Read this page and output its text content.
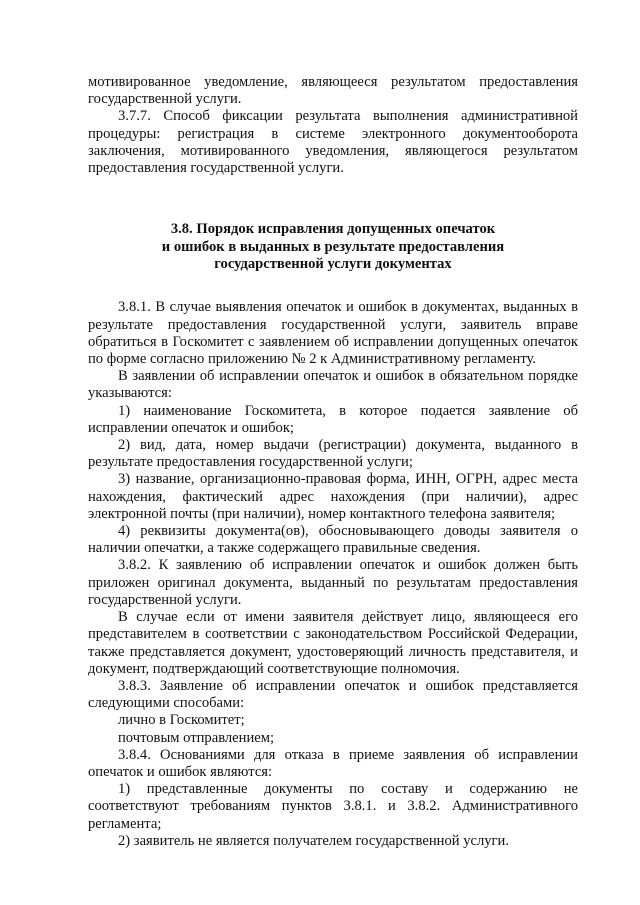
мотивированное уведомление, являющееся результатом предоставления государственной услуги.

3.7.7. Способ фиксации результата выполнения административной процедуры: регистрация в системе электронного документооборота заключения, мотивированного уведомления, являющегося результатом предоставления государственной услуги.

3.8. Порядок исправления допущенных опечаток
и ошибок в выданных в результате предоставления
государственной услуги документах

3.8.1. В случае выявления опечаток и ошибок в документах, выданных в результате предоставления государственной услуги, заявитель вправе обратиться в Госкомитет с заявлением об исправлении допущенных опечаток по форме согласно приложению № 2 к Административному регламенту.

В заявлении об исправлении опечаток и ошибок в обязательном порядке указываются:

1) наименование Госкомитета, в которое подается заявление об исправлении опечаток и ошибок;

2) вид, дата, номер выдачи (регистрации) документа, выданного в результате предоставления государственной услуги;

3) название, организационно-правовая форма, ИНН, ОГРН, адрес места нахождения, фактический адрес нахождения (при наличии), адрес электронной почты (при наличии), номер контактного телефона заявителя;

4) реквизиты документа(ов), обосновывающего доводы заявителя о наличии опечатки, а также содержащего правильные сведения.

3.8.2. К заявлению об исправлении опечаток и ошибок должен быть приложен оригинал документа, выданный по результатам предоставления государственной услуги.

В случае если от имени заявителя действует лицо, являющееся его представителем в соответствии с законодательством Российской Федерации, также представляется документ, удостоверяющий личность представителя, и документ, подтверждающий соответствующие полномочия.

3.8.3. Заявление об исправлении опечаток и ошибок представляется следующими способами:

лично в Госкомитет;

почтовым отправлением;

3.8.4. Основаниями для отказа в приеме заявления об исправлении опечаток и ошибок являются:

1) представленные документы по составу и содержанию не соответствуют требованиям пунктов 3.8.1. и 3.8.2. Административного регламента;

2) заявитель не является получателем государственной услуги.
